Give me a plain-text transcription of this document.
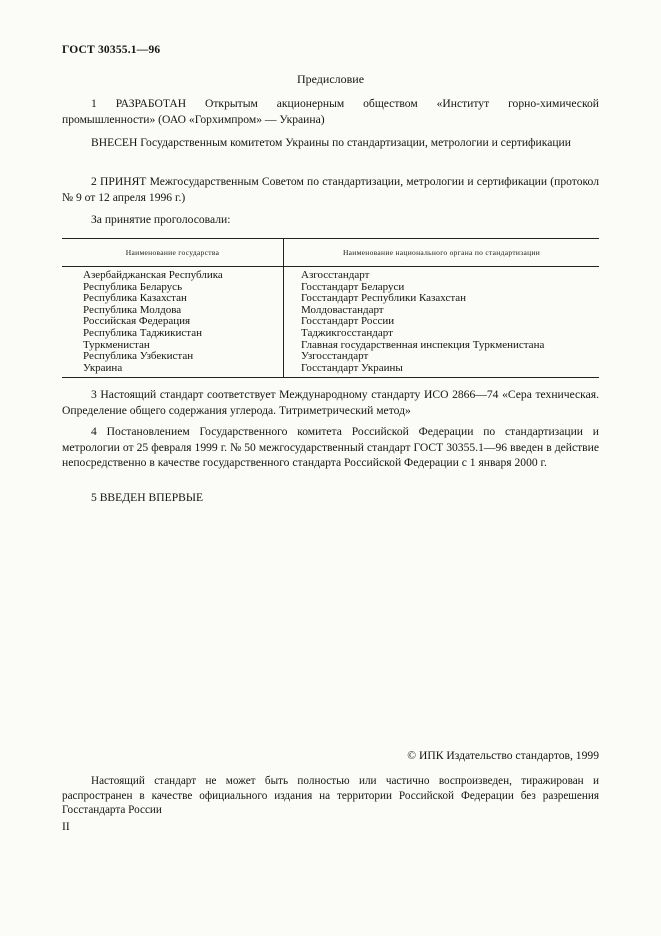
ГОСТ 30355.1—96
Предисловие

1 РАЗРАБОТАН Открытым акционерным обществом «Институт горно-химической промышленности» (ОАО «Горхимпром» — Украина)

ВНЕСЕН Государственным комитетом Украины по стандартизации, метрологии и сертификации

2 ПРИНЯТ Межгосударственным Советом по стандартизации, метрологии и сертификации (протокол № 9 от 12 апреля 1996 г.)

За принятие проголосовали:
Наименование государства	Наименование национального органа по стандартизации
Азербайджанская Республика	Азгосстандарт
Республика Беларусь	Госстандарт Беларуси
Республика Казахстан	Госстандарт Республики Казахстан
Республика Молдова	Молдовастандарт
Российская Федерация	Госстандарт России
Республика Таджикистан	Таджикгосстандарт
Туркменистан	Главная государственная инспекция Туркменистана
Республика Узбекистан	Узгосстандарт
Украина	Госстандарт Украины

3 Настоящий стандарт соответствует Международному стандарту ИСО 2866—74 «Сера техническая. Определение общего содержания углерода. Титриметрический метод»

4 Постановлением Государственного комитета Российской Федерации по стандартизации и метрологии от 25 февраля 1999 г. № 50 межгосударственный стандарт ГОСТ 30355.1—96 введен в действие непосредственно в качестве государственного стандарта Российской Федерации с 1 января 2000 г.

5 ВВЕДЕН ВПЕРВЫЕ

© ИПК Издательство стандартов, 1999

Настоящий стандарт не может быть полностью или частично воспроизведен, тиражирован и распространен в качестве официального издания на территории Российской Федерации без разрешения Госстандарта России

II
